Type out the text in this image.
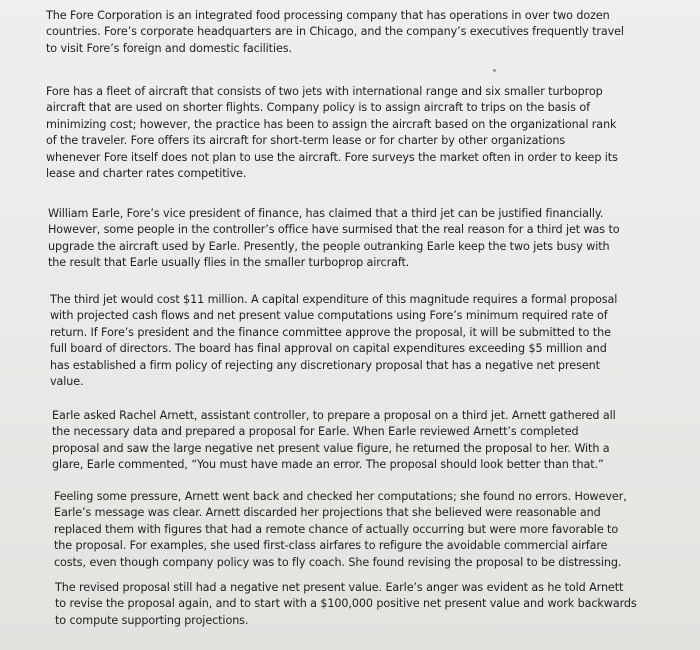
The Fore Corporation is an integrated food processing company that has operations in over two dozen
countries. Fore’s corporate headquarters are in Chicago, and the company’s executives frequently travel
to visit Fore’s foreign and domestic facilities.

Fore has a fleet of aircraft that consists of two jets with international range and six smaller turboprop
aircraft that are used on shorter flights. Company policy is to assign aircraft to trips on the basis of
minimizing cost; however, the practice has been to assign the aircraft based on the organizational rank
of the traveler. Fore offers its aircraft for short-term lease or for charter by other organizations
whenever Fore itself does not plan to use the aircraft. Fore surveys the market often in order to keep its
lease and charter rates competitive.

William Earle, Fore’s vice president of finance, has claimed that a third jet can be justified financially.
However, some people in the controller’s office have surmised that the real reason for a third jet was to
upgrade the aircraft used by Earle. Presently, the people outranking Earle keep the two jets busy with
the result that Earle usually flies in the smaller turboprop aircraft.

The third jet would cost $11 million. A capital expenditure of this magnitude requires a formal proposal
with projected cash flows and net present value computations using Fore’s minimum required rate of
return. If Fore’s president and the finance committee approve the proposal, it will be submitted to the
full board of directors. The board has final approval on capital expenditures exceeding $5 million and
has established a firm policy of rejecting any discretionary proposal that has a negative net present
value.

Earle asked Rachel Arnett, assistant controller, to prepare a proposal on a third jet. Arnett gathered all
the necessary data and prepared a proposal for Earle. When Earle reviewed Arnett’s completed
proposal and saw the large negative net present value figure, he returned the proposal to her. With a
glare, Earle commented, “You must have made an error. The proposal should look better than that.”

Feeling some pressure, Arnett went back and checked her computations; she found no errors. However,
Earle’s message was clear. Arnett discarded her projections that she believed were reasonable and
replaced them with figures that had a remote chance of actually occurring but were more favorable to
the proposal. For examples, she used first-class airfares to refigure the avoidable commercial airfare
costs, even though company policy was to fly coach. She found revising the proposal to be distressing.

The revised proposal still had a negative net present value. Earle’s anger was evident as he told Arnett
to revise the proposal again, and to start with a $100,000 positive net present value and work backwards
to compute supporting projections.
